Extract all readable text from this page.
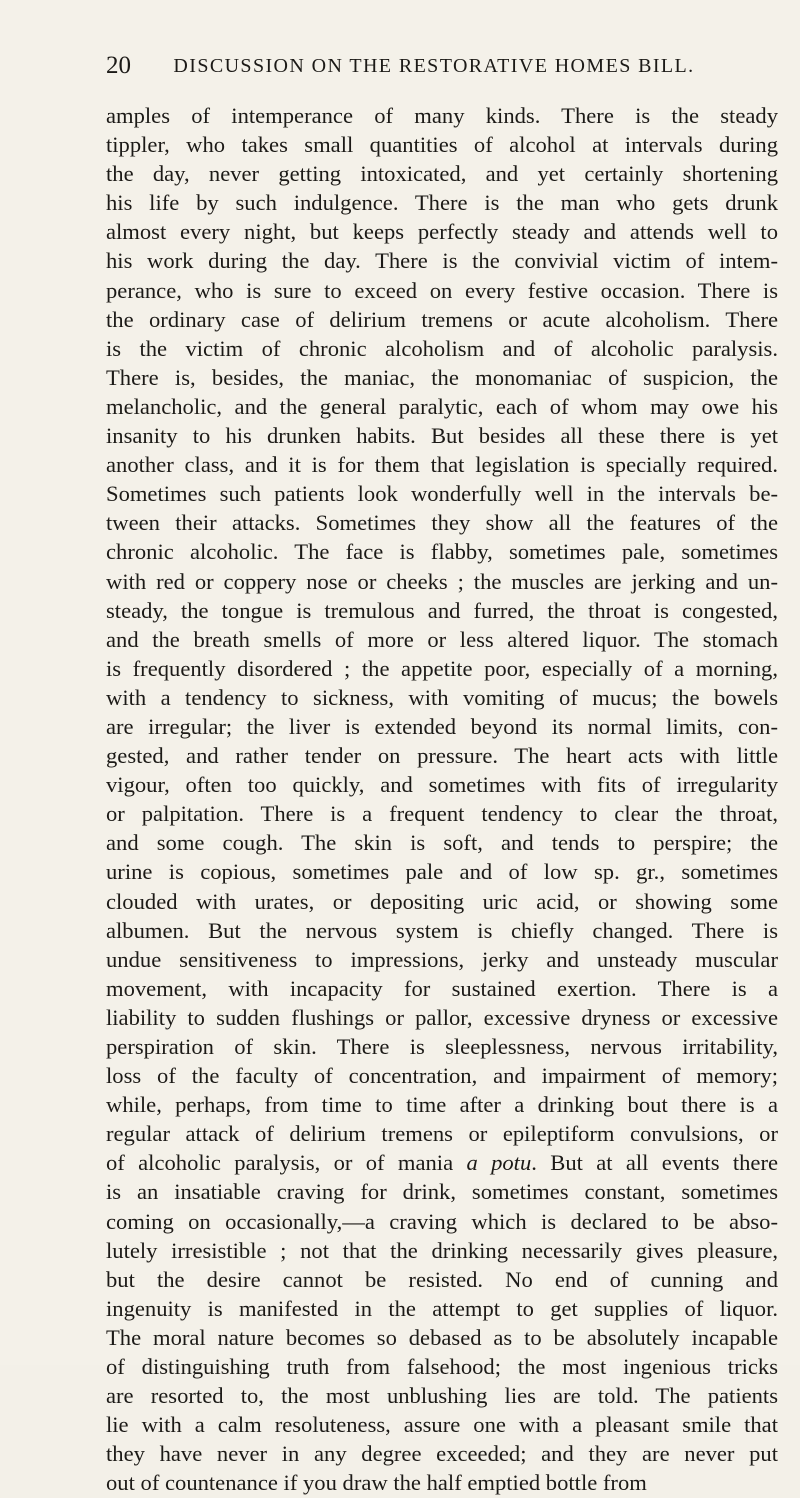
20	DISCUSSION ON THE RESTORATIVE HOMES BILL.
amples of intemperance of many kinds. There is the steady
tippler, who takes small quantities of alcohol at intervals during
the day, never getting intoxicated, and yet certainly shortening
his life by such indulgence. There is the man who gets drunk
almost every night, but keeps perfectly steady and attends well to
his work during the day. There is the convivial victim of intem-
perance, who is sure to exceed on every festive occasion. There is
the ordinary case of delirium tremens or acute alcoholism. There
is the victim of chronic alcoholism and of alcoholic paralysis.
There is, besides, the maniac, the monomaniac of suspicion, the
melancholic, and the general paralytic, each of whom may owe his
insanity to his drunken habits. But besides all these there is yet
another class, and it is for them that legislation is specially required.
Sometimes such patients look wonderfully well in the intervals be-
tween their attacks. Sometimes they show all the features of the
chronic alcoholic. The face is flabby, sometimes pale, sometimes
with red or coppery nose or cheeks ; the muscles are jerking and un-
steady, the tongue is tremulous and furred, the throat is congested,
and the breath smells of more or less altered liquor. The stomach
is frequently disordered ; the appetite poor, especially of a morning,
with a tendency to sickness, with vomiting of mucus; the bowels
are irregular; the liver is extended beyond its normal limits, con-
gested, and rather tender on pressure. The heart acts with little
vigour, often too quickly, and sometimes with fits of irregularity
or palpitation. There is a frequent tendency to clear the throat,
and some cough. The skin is soft, and tends to perspire; the
urine is copious, sometimes pale and of low sp. gr., sometimes
clouded with urates, or depositing uric acid, or showing some
albumen. But the nervous system is chiefly changed. There is
undue sensitiveness to impressions, jerky and unsteady muscular
movement, with incapacity for sustained exertion. There is a
liability to sudden flushings or pallor, excessive dryness or excessive
perspiration of skin. There is sleeplessness, nervous irritability,
loss of the faculty of concentration, and impairment of memory;
while, perhaps, from time to time after a drinking bout there is a
regular attack of delirium tremens or epileptiform convulsions, or
of alcoholic paralysis, or of mania a potu. But at all events there
is an insatiable craving for drink, sometimes constant, sometimes
coming on occasionally,—a craving which is declared to be abso-
lutely irresistible ; not that the drinking necessarily gives pleasure,
but the desire cannot be resisted. No end of cunning and
ingenuity is manifested in the attempt to get supplies of liquor.
The moral nature becomes so debased as to be absolutely incapable
of distinguishing truth from falsehood; the most ingenious tricks
are resorted to, the most unblushing lies are told. The patients
lie with a calm resoluteness, assure one with a pleasant smile that
they have never in any degree exceeded; and they are never put
out of countenance if you draw the half emptied bottle from
